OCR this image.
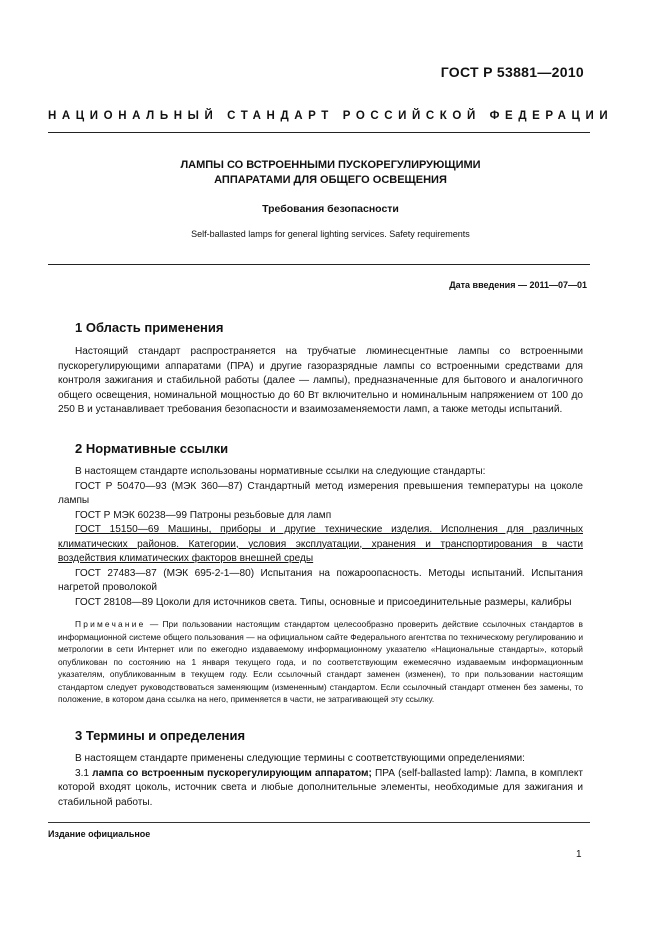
ГОСТ Р 53881—2010
НАЦИОНАЛЬНЫЙ СТАНДАРТ РОССИЙСКОЙ ФЕДЕРАЦИИ
ЛАМПЫ СО ВСТРОЕННЫМИ ПУСКОРЕГУЛИРУЮЩИМИ
АППАРАТАМИ ДЛЯ ОБЩЕГО ОСВЕЩЕНИЯ
Требования безопасности
Self-ballasted lamps for general lighting services. Safety requirements
Дата введения — 2011—07—01
1 Область применения

Настоящий стандарт распространяется на трубчатые люминесцентные лампы со встроенными пускорегулирующими аппаратами (ПРА) и другие газоразрядные лампы со встроенными средствами для контроля зажигания и стабильной работы (далее — лампы), предназначенные для бытового и аналогичного общего освещения, номинальной мощностью до 60 Вт включительно и номинальным напряжением от 100 до 250 В и устанавливает требования безопасности и взаимозаменяемости ламп, а также методы испытаний.

2 Нормативные ссылки

В настоящем стандарте использованы нормативные ссылки на следующие стандарты:

ГОСТ Р 50470—93 (МЭК 360—87) Стандартный метод измерения превышения температуры на цоколе лампы

ГОСТ Р МЭК 60238—99 Патроны резьбовые для ламп

ГОСТ 15150—69 Машины, приборы и другие технические изделия. Исполнения для различных климатических районов. Категории, условия эксплуатации, хранения и транспортирования в части воздействия климатических факторов внешней среды

ГОСТ 27483—87 (МЭК 695-2-1—80) Испытания на пожароопасность. Методы испытаний. Испытания нагретой проволокой

ГОСТ 28108—89 Цоколи для источников света. Типы, основные и присоединительные размеры, калибры

Примечание — При пользовании настоящим стандартом целесообразно проверить действие ссылочных стандартов в информационной системе общего пользования — на официальном сайте Федерального агентства по техническому регулированию и метрологии в сети Интернет или по ежегодно издаваемому информационному указателю «Национальные стандарты», который опубликован по состоянию на 1 января текущего года, и по соответствующим ежемесячно издаваемым информационным указателям, опубликованным в текущем году. Если ссылочный стандарт заменен (изменен), то при пользовании настоящим стандартом следует руководствоваться заменяющим (измененным) стандартом. Если ссылочный стандарт отменен без замены, то положение, в котором дана ссылка на него, применяется в части, не затрагивающей эту ссылку.

3 Термины и определения

В настоящем стандарте применены следующие термины с соответствующими определениями:

3.1 лампа со встроенным пускорегулирующим аппаратом; ПРА (self-ballasted lamp): Лампа, в комплект которой входят цоколь, источник света и любые дополнительные элементы, необходимые для зажигания и стабильной работы.

Издание официальное
1
